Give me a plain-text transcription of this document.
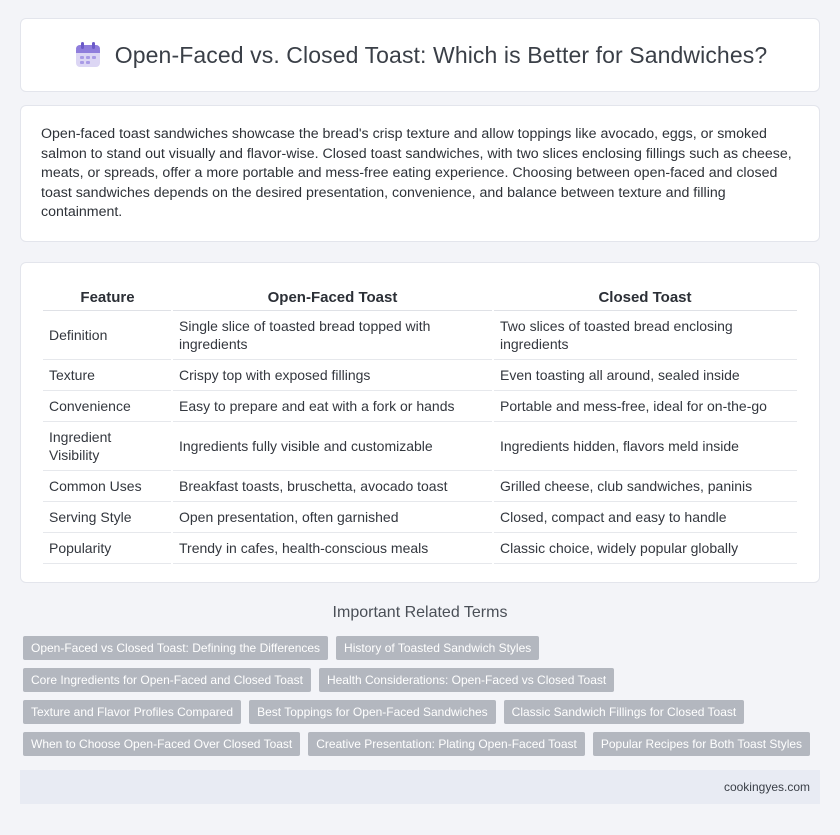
Open-Faced vs. Closed Toast: Which is Better for Sandwiches?

Open-faced toast sandwiches showcase the bread's crisp texture and allow toppings like avocado, eggs, or smoked salmon to stand out visually and flavor-wise. Closed toast sandwiches, with two slices enclosing fillings such as cheese, meats, or spreads, offer a more portable and mess-free eating experience. Choosing between open-faced and closed toast sandwiches depends on the desired presentation, convenience, and balance between texture and filling containment.

Feature	Open-Faced Toast	Closed Toast
Definition	Single slice of toasted bread topped with ingredients	Two slices of toasted bread enclosing ingredients
Texture	Crispy top with exposed fillings	Even toasting all around, sealed inside
Convenience	Easy to prepare and eat with a fork or hands	Portable and mess-free, ideal for on-the-go
Ingredient Visibility	Ingredients fully visible and customizable	Ingredients hidden, flavors meld inside
Common Uses	Breakfast toasts, bruschetta, avocado toast	Grilled cheese, club sandwiches, paninis
Serving Style	Open presentation, often garnished	Closed, compact and easy to handle
Popularity	Trendy in cafes, health-conscious meals	Classic choice, widely popular globally
Important Related Terms
Open-Faced vs Closed Toast: Defining the Differences	History of Toasted Sandwich Styles
Core Ingredients for Open-Faced and Closed Toast	Health Considerations: Open-Faced vs Closed Toast
Texture and Flavor Profiles Compared	Best Toppings for Open-Faced Sandwiches	Classic Sandwich Fillings for Closed Toast
When to Choose Open-Faced Over Closed Toast	Creative Presentation: Plating Open-Faced Toast	Popular Recipes for Both Toast Styles
cookingyes.com
